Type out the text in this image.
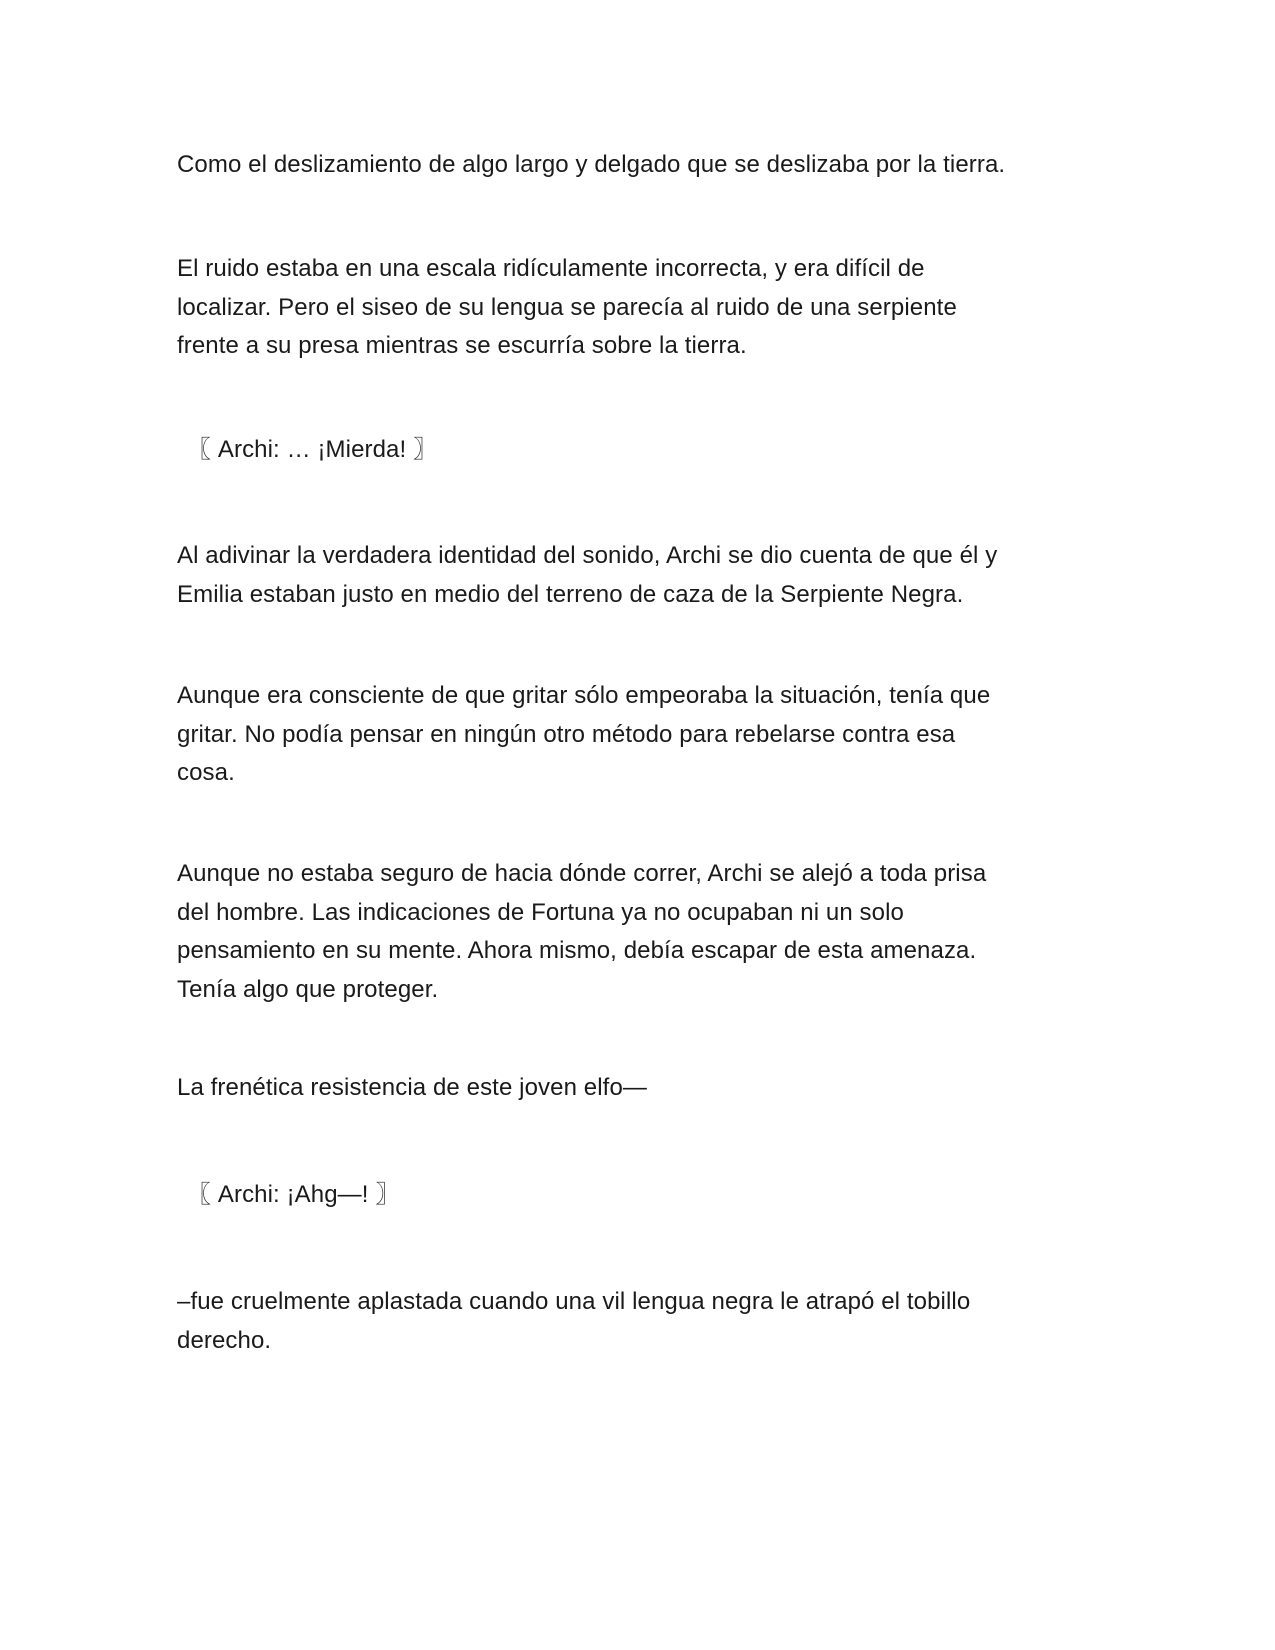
Como el deslizamiento de algo largo y delgado que se deslizaba por la tierra.

El ruido estaba en una escala ridículamente incorrecta, y era difícil de
localizar. Pero el siseo de su lengua se parecía al ruido de una serpiente
frente a su presa mientras se escurría sobre la tierra.

〖 Archi: … ¡Mierda! 〗

Al adivinar la verdadera identidad del sonido, Archi se dio cuenta de que él y
Emilia estaban justo en medio del terreno de caza de la Serpiente Negra.

Aunque era consciente de que gritar sólo empeoraba la situación, tenía que
gritar. No podía pensar en ningún otro método para rebelarse contra esa
cosa.

Aunque no estaba seguro de hacia dónde correr, Archi se alejó a toda prisa
del hombre. Las indicaciones de Fortuna ya no ocupaban ni un solo
pensamiento en su mente. Ahora mismo, debía escapar de esta amenaza.
Tenía algo que proteger.

La frenética resistencia de este joven elfo—

〖 Archi: ¡Ahg—! 〗

–fue cruelmente aplastada cuando una vil lengua negra le atrapó el tobillo
derecho.
